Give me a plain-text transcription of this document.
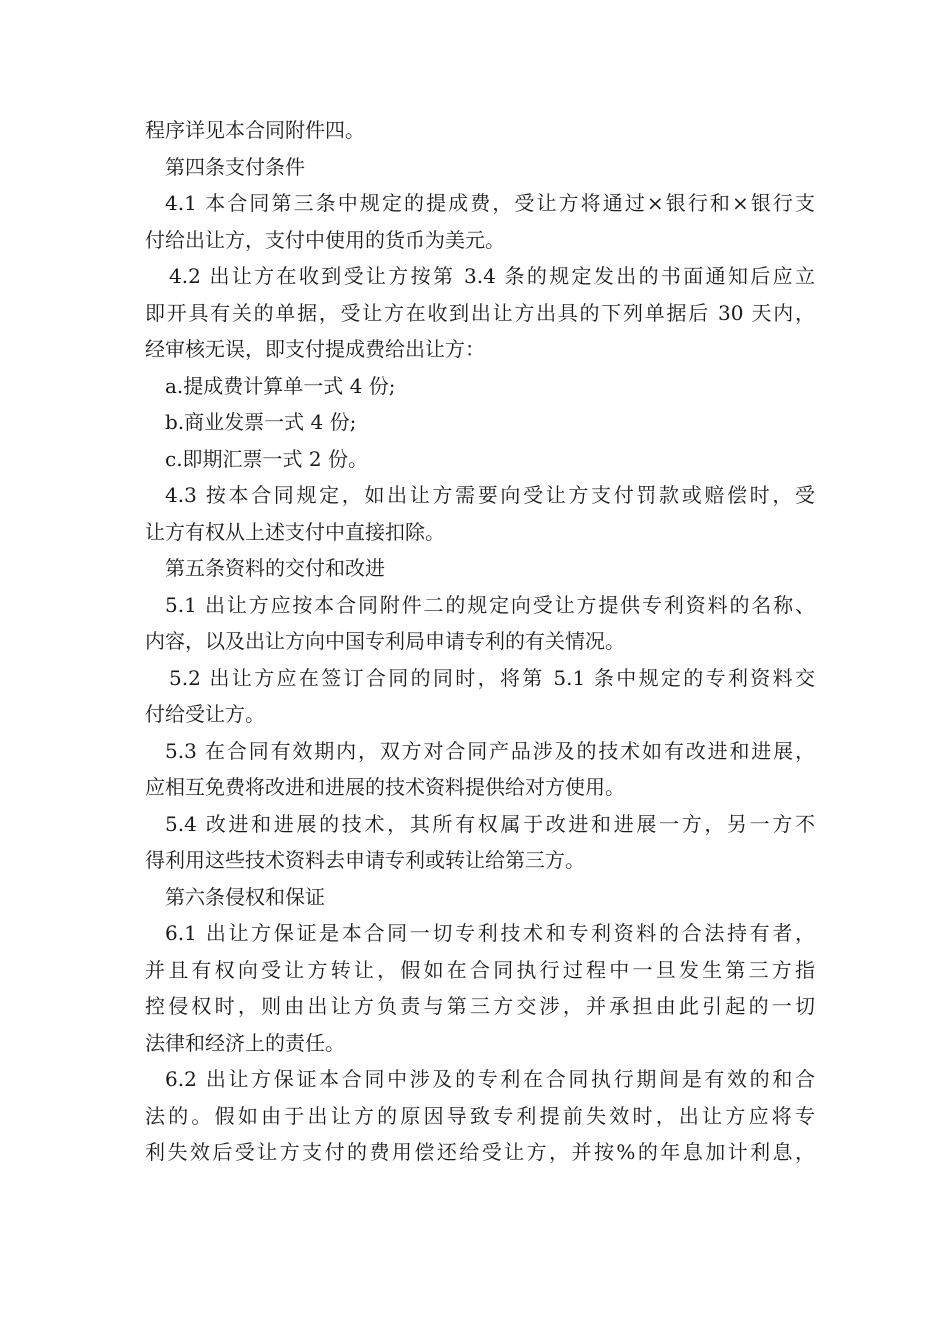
程序详见本合同附件四。
第四条支付条件
4.1 本合同第三条中规定的提成费，受让方将通过×银行和×银行支
付给出让方，支付中使用的货币为美元。
4.2 出让方在收到受让方按第 3.4 条的规定发出的书面通知后应立
即开具有关的单据，受让方在收到出让方出具的下列单据后 30 天内，
经审核无误，即支付提成费给出让方：
a.提成费计算单一式 4 份;
b.商业发票一式 4 份;
c.即期汇票一式 2 份。
4.3 按本合同规定，如出让方需要向受让方支付罚款或赔偿时，受
让方有权从上述支付中直接扣除。
第五条资料的交付和改进
5.1 出让方应按本合同附件二的规定向受让方提供专利资料的名称、
内容，以及出让方向中国专利局申请专利的有关情况。
5.2 出让方应在签订合同的同时，将第 5.1 条中规定的专利资料交
付给受让方。
5.3 在合同有效期内，双方对合同产品涉及的技术如有改进和进展，
应相互免费将改进和进展的技术资料提供给对方使用。
5.4 改进和进展的技术，其所有权属于改进和进展一方，另一方不
得利用这些技术资料去申请专利或转让给第三方。
第六条侵权和保证
6.1 出让方保证是本合同一切专利技术和专利资料的合法持有者，
并且有权向受让方转让，假如在合同执行过程中一旦发生第三方指
控侵权时，则由出让方负责与第三方交涉，并承担由此引起的一切
法律和经济上的责任。
6.2 出让方保证本合同中涉及的专利在合同执行期间是有效的和合
法的。假如由于出让方的原因导致专利提前失效时，出让方应将专
利失效后受让方支付的费用偿还给受让方，并按%的年息加计利息，
